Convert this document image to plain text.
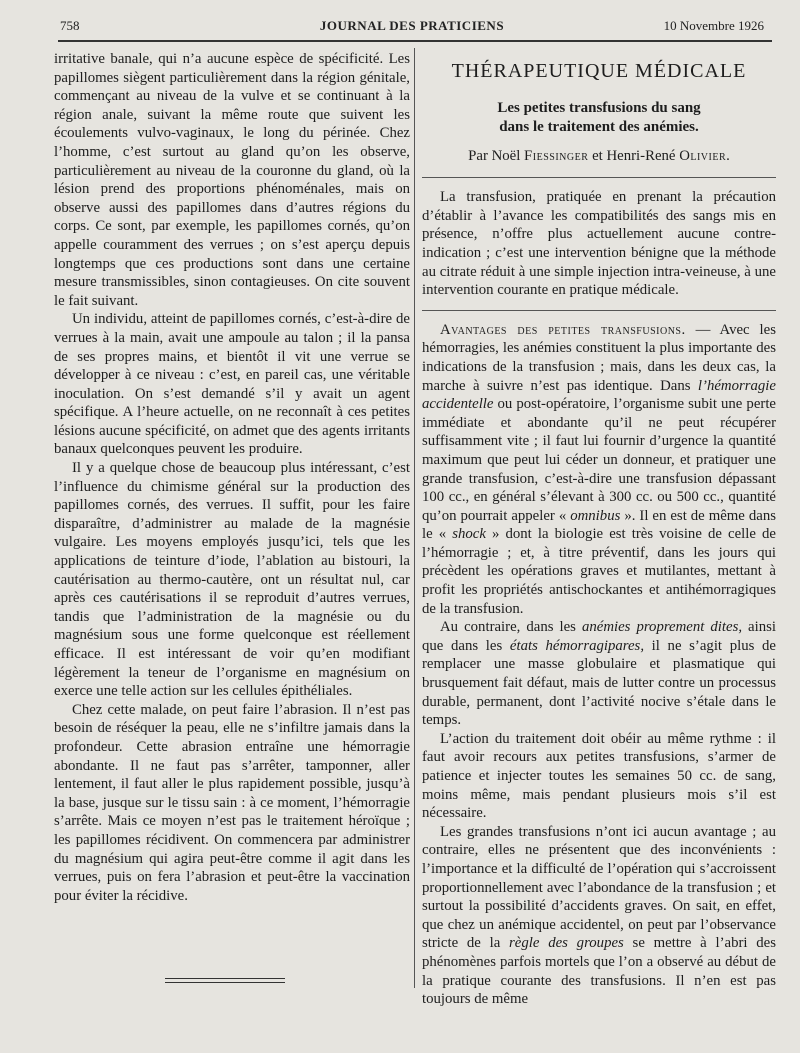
758	JOURNAL DES PRATICIENS	10 Novembre 1926

irritative banale, qui n’a aucune espèce de spécificité. Les papillomes siègent particulièrement dans la région génitale, commençant au niveau de la vulve et se continuant à la région anale, suivant la même route que suivent les écoulements vulvo-vaginaux, le long du périnée. Chez l’homme, c’est surtout au gland qu’on les observe, particulièrement au niveau de la couronne du gland, où la lésion prend des proportions phénoménales, mais on observe aussi des papillomes dans d’autres régions du corps. Ce sont, par exemple, les papillomes cornés, qu’on appelle couramment des verrues ; on s’est aperçu depuis longtemps que ces productions sont dans une certaine mesure transmissibles, sinon contagieuses. On cite souvent le fait suivant.

Un individu, atteint de papillomes cornés, c’est-à-dire de verrues à la main, avait une ampoule au talon ; il la pansa de ses propres mains, et bientôt il vit une verrue se développer à ce niveau : c’est, en pareil cas, une véritable inoculation. On s’est demandé s’il y avait un agent spécifique. A l’heure actuelle, on ne reconnaît à ces petites lésions aucune spécificité, on admet que des agents irritants banaux quelconques peuvent les produire.

Il y a quelque chose de beaucoup plus intéressant, c’est l’influence du chimisme général sur la production des papillomes cornés, des verrues. Il suffit, pour les faire disparaître, d’administrer au malade de la magnésie vulgaire. Les moyens employés jusqu’ici, tels que les applications de teinture d’iode, l’ablation au bistouri, la cautérisation au thermo-cautère, ont un résultat nul, car après ces cautérisations il se reproduit d’autres verrues, tandis que l’administration de la magnésie ou du magnésium sous une forme quelconque est réellement efficace. Il est intéressant de voir qu’en modifiant légèrement la teneur de l’organisme en magnésium on exerce une telle action sur les cellules épithéliales.

Chez cette malade, on peut faire l’abrasion. Il n’est pas besoin de réséquer la peau, elle ne s’infiltre jamais dans la profondeur. Cette abrasion entraîne une hémorragie abondante. Il ne faut pas s’arrêter, tamponner, aller lentement, il faut aller le plus rapidement possible, jusqu’à la base, jusque sur le tissu sain : à ce moment, l’hémorragie s’arrête. Mais ce moyen n’est pas le traitement héroïque ; les papillomes récidivent. On commencera par administrer du magnésium qui agira peut-être comme il agit dans les verrues, puis on fera l’abrasion et peut-être la vaccination pour éviter la récidive.

THÉRAPEUTIQUE MÉDICALE
Les petites transfusions du sang
dans le traitement des anémies.
Par Noël Fiessinger et Henri-René Olivier.

La transfusion, pratiquée en prenant la précaution d’établir à l’avance les compatibilités des sangs mis en présence, n’offre plus actuellement aucune contre-indication ; c’est une intervention bénigne que la méthode au citrate réduit à une simple injection intra-veineuse, à une intervention courante en pratique médicale.

Avantages des petites transfusions. — Avec les hémorragies, les anémies constituent la plus importante des indications de la transfusion ; mais, dans les deux cas, la marche à suivre n’est pas identique. Dans l’hémorragie accidentelle ou post-opératoire, l’organisme subit une perte immédiate et abondante qu’il ne peut récupérer suffisamment vite ; il faut lui fournir d’urgence la quantité maximum que peut lui céder un donneur, et pratiquer une grande transfusion, c’est-à-dire une transfusion dépassant 100 cc., en général s’élevant à 300 cc. ou 500 cc., quantité qu’on pourrait appeler « omnibus ». Il en est de même dans le « shock » dont la biologie est très voisine de celle de l’hémorragie ; et, à titre préventif, dans les jours qui précèdent les opérations graves et mutilantes, mettant à profit les propriétés antischockantes et antihémorragiques de la transfusion.

Au contraire, dans les anémies proprement dites, ainsi que dans les états hémorragipares, il ne s’agit plus de remplacer une masse globulaire et plasmatique qui brusquement fait défaut, mais de lutter contre un processus durable, permanent, dont l’activité nocive s’étale dans le temps.

L’action du traitement doit obéir au même rythme : il faut avoir recours aux petites transfusions, s’armer de patience et injecter toutes les semaines 50 cc. de sang, moins même, mais pendant plusieurs mois s’il est nécessaire.

Les grandes transfusions n’ont ici aucun avantage ; au contraire, elles ne présentent que des inconvénients : l’importance et la difficulté de l’opération qui s’accroissent proportionnellement avec l’abondance de la transfusion ; et surtout la possibilité d’accidents graves. On sait, en effet, que chez un anémique accidentel, on peut par l’observance stricte de la règle des groupes se mettre à l’abri des phénomènes parfois mortels que l’on a observé au début de la pratique courante des transfusions. Il n’en est pas toujours de même
